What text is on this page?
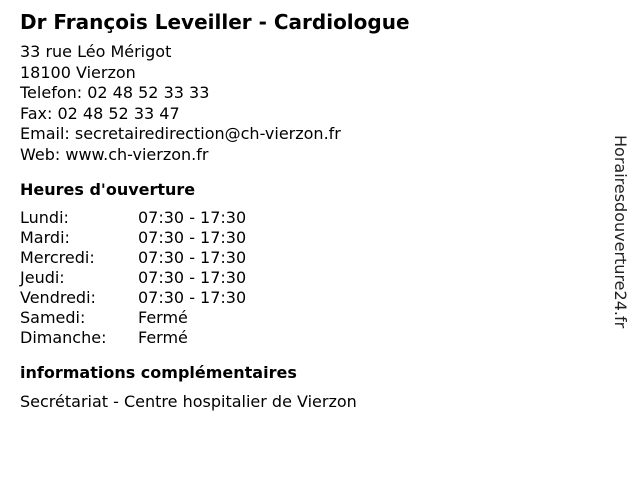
Dr François Leveiller - Cardiologue
33 rue Léo Mérigot
18100 Vierzon
Telefon: 02 48 52 33 33
Fax: 02 48 52 33 47
Email: secretairedirection@ch-vierzon.fr
Web: www.ch-vierzon.fr
Heures d'ouverture
Lundi:	07:30 - 17:30
Mardi:	07:30 - 17:30
Mercredi:	07:30 - 17:30
Jeudi:	07:30 - 17:30
Vendredi:	07:30 - 17:30
Samedi:	Fermé
Dimanche:	Fermé
informations complémentaires
Secrétariat - Centre hospitalier de Vierzon
Horairesdouverture24.fr
